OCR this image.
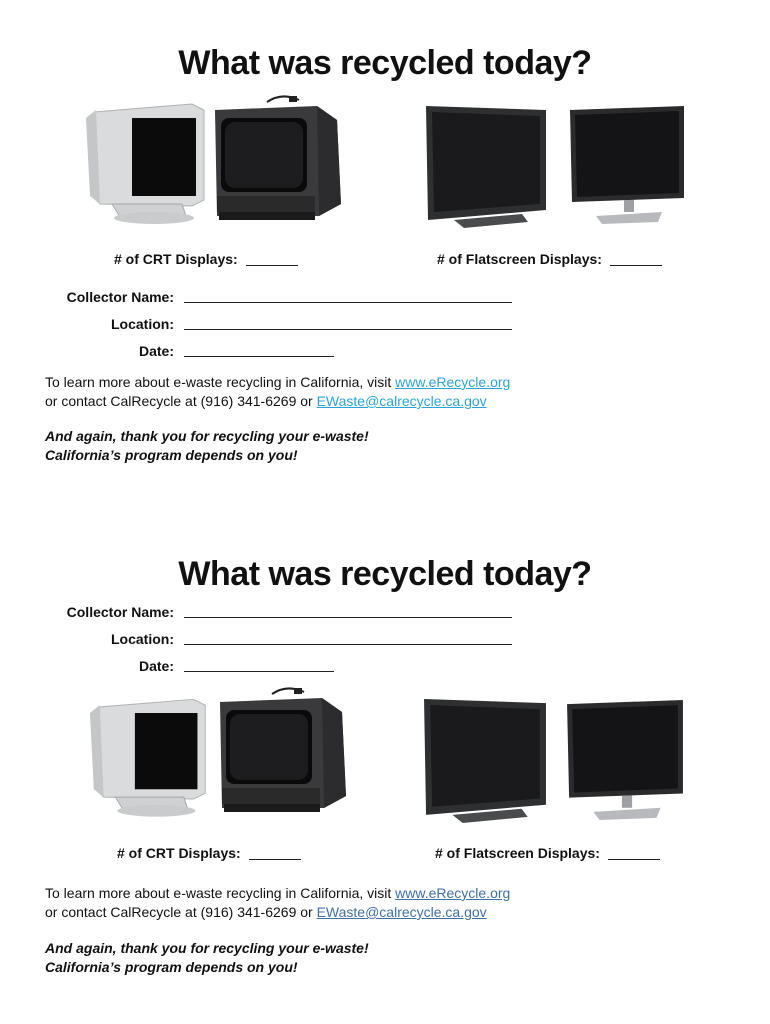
What was recycled today?
# of CRT Displays:	# of Flatscreen Displays:
Collector Name:
Location:
Date:
To learn more about e-waste recycling in California, visit www.eRecycle.org
or contact CalRecycle at (916) 341-6269 or EWaste@calrecycle.ca.gov
And again, thank you for recycling your e-waste!
California’s program depends on you!
What was recycled today?
Collector Name:
Location:
Date:
# of CRT Displays:	# of Flatscreen Displays:
To learn more about e-waste recycling in California, visit www.eRecycle.org
or contact CalRecycle at (916) 341-6269 or EWaste@calrecycle.ca.gov
And again, thank you for recycling your e-waste!
California’s program depends on you!
